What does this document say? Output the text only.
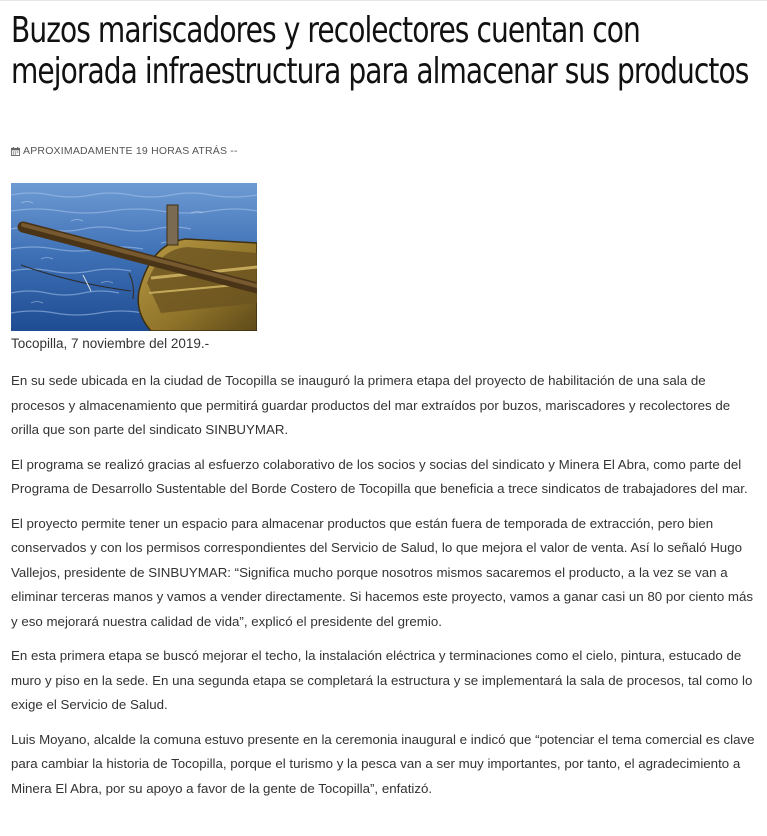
Buzos mariscadores y recolectores cuentan con mejorada infraestructura para almacenar sus productos
APROXIMADAMENTE 19 HORAS ATRÁS --
Tocopilla, 7 noviembre del 2019.-

En su sede ubicada en la ciudad de Tocopilla se inauguró la primera etapa del proyecto de habilitación de una sala de procesos y almacenamiento que permitirá guardar productos del mar extraídos por buzos, mariscadores y recolectores de orilla que son parte del sindicato SINBUYMAR.

El programa se realizó gracias al esfuerzo colaborativo de los socios y socias del sindicato y Minera El Abra, como parte del Programa de Desarrollo Sustentable del Borde Costero de Tocopilla que beneficia a trece sindicatos de trabajadores del mar.

El proyecto permite tener un espacio para almacenar productos que están fuera de temporada de extracción, pero bien conservados y con los permisos correspondientes del Servicio de Salud, lo que mejora el valor de venta. Así lo señaló Hugo Vallejos, presidente de SINBUYMAR: “Significa mucho porque nosotros mismos sacaremos el producto, a la vez se van a eliminar terceras manos y vamos a vender directamente. Si hacemos este proyecto, vamos a ganar casi un 80 por ciento más y eso mejorará nuestra calidad de vida”, explicó el presidente del gremio.

En esta primera etapa se buscó mejorar el techo, la instalación eléctrica y terminaciones como el cielo, pintura, estucado de muro y piso en la sede. En una segunda etapa se completará la estructura y se implementará la sala de procesos, tal como lo exige el Servicio de Salud.

Luis Moyano, alcalde la comuna estuvo presente en la ceremonia inaugural e indicó que “potenciar el tema comercial es clave para cambiar la historia de Tocopilla, porque el turismo y la pesca van a ser muy importantes, por tanto, el agradecimiento a Minera El Abra, por su apoyo a favor de la gente de Tocopilla”, enfatizó.
